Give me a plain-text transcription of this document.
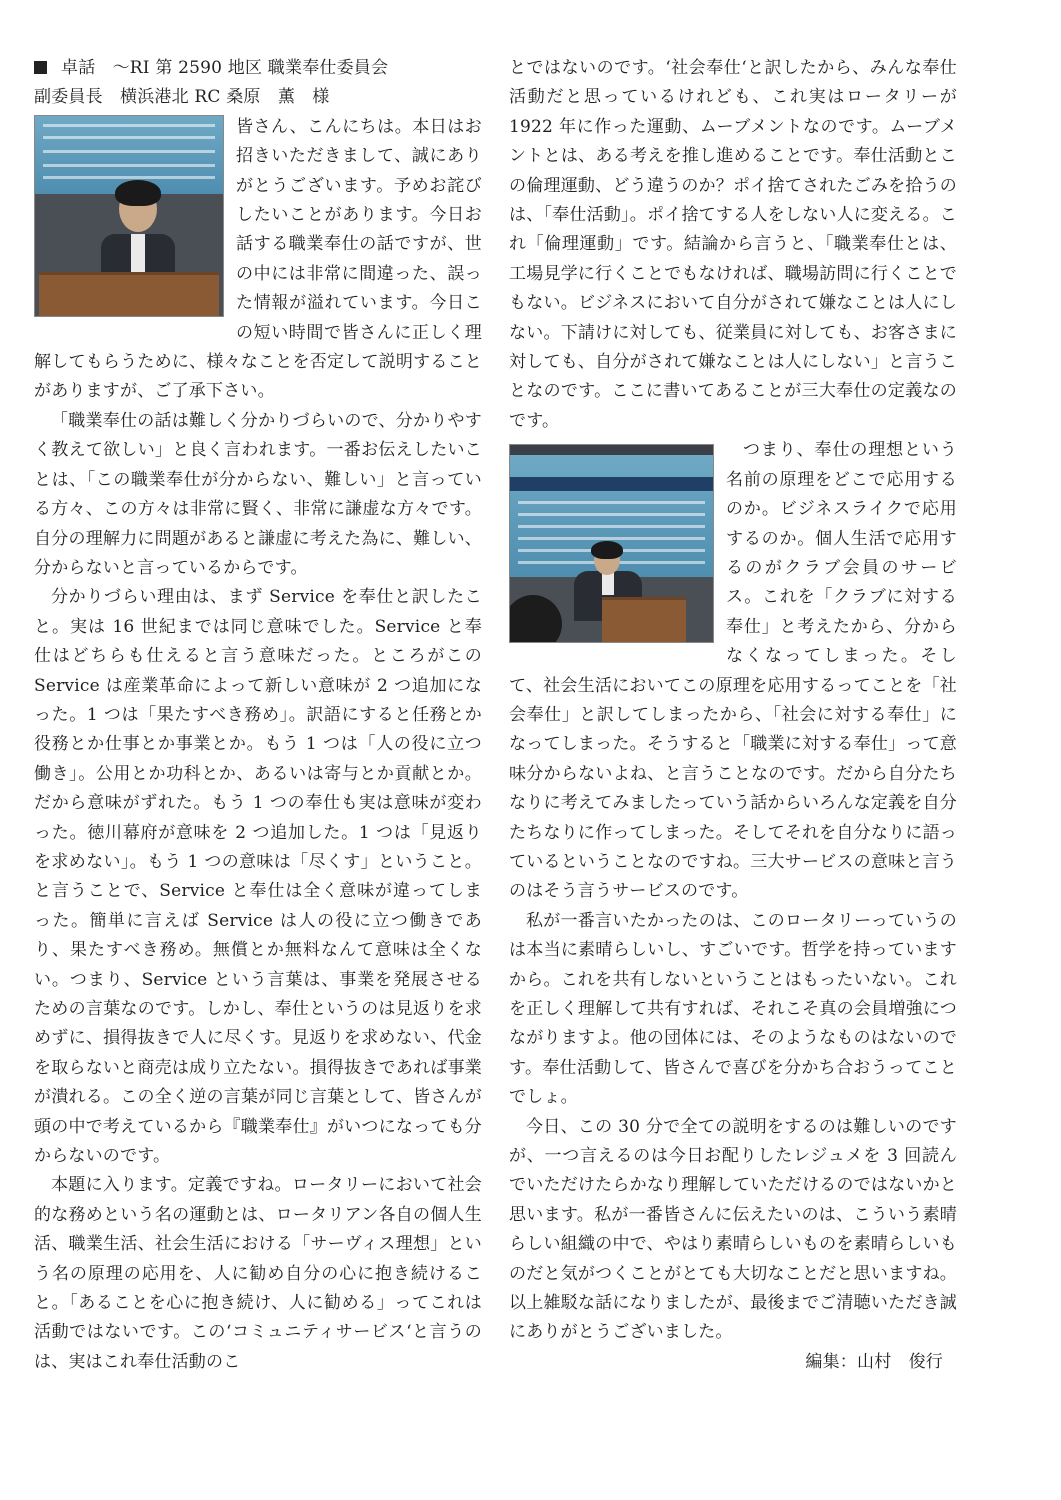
卓話　～RI 第 2590 地区 職業奉仕委員会
副委員長　横浜港北 RC 桑原　薫　様

皆さん、こんにちは。本日はお招きいただきまして、誠にありがとうございます。予めお詫びしたいことがあります。今日お話する職業奉仕の話ですが、世の中には非常に間違った、誤った情報が溢れています。今日この短い時間で皆さんに正しく理解してもらうために、様々なことを否定して説明することがありますが、ご了承下さい。

「職業奉仕の話は難しく分かりづらいので、分かりやすく教えて欲しい」と良く言われます。一番お伝えしたいことは、「この職業奉仕が分からない、難しい」と言っている方々、この方々は非常に賢く、非常に謙虚な方々です。自分の理解力に問題があると謙虚に考えた為に、難しい、分からないと言っているからです。

分かりづらい理由は、まず Service を奉仕と訳したこと。実は 16 世紀までは同じ意味でした。Service と奉仕はどちらも仕えると言う意味だった。ところがこの Service は産業革命によって新しい意味が 2 つ追加になった。1 つは「果たすべき務め」。訳語にすると任務とか役務とか仕事とか事業とか。もう 1 つは「人の役に立つ働き」。公用とか功科とか、あるいは寄与とか貢献とか。だから意味がずれた。もう 1 つの奉仕も実は意味が変わった。徳川幕府が意味を 2 つ追加した。1 つは「見返りを求めない」。もう 1 つの意味は「尽くす」ということ。と言うことで、Service と奉仕は全く意味が違ってしまった。簡単に言えば Service は人の役に立つ働きであり、果たすべき務め。無償とか無料なんて意味は全くない。つまり、Service という言葉は、事業を発展させるための言葉なのです。しかし、奉仕というのは見返りを求めずに、損得抜きで人に尽くす。見返りを求めない、代金を取らないと商売は成り立たない。損得抜きであれば事業が潰れる。この全く逆の言葉が同じ言葉として、皆さんが頭の中で考えているから『職業奉仕』がいつになっても分からないのです。

本題に入ります。定義ですね。ロータリーにおいて社会的な務めという名の運動とは、ロータリアン各自の個人生活、職業生活、社会生活における「サーヴィス理想」という名の原理の応用を、人に勧め自分の心に抱き続けること。「あることを心に抱き続け、人に勧める」ってこれは活動ではないです。この‘コミュニティサービス‘と言うのは、実はこれ奉仕活動のこ

とではないのです。‘社会奉仕‘と訳したから、みんな奉仕活動だと思っているけれども、これ実はロータリーが 1922 年に作った運動、ムーブメントなのです。ムーブメントとは、ある考えを推し進めることです。奉仕活動とこの倫理運動、どう違うのか？ポイ捨てされたごみを拾うのは、「奉仕活動」。ポイ捨てする人をしない人に変える。これ「倫理運動」です。結論から言うと、「職業奉仕とは、工場見学に行くことでもなければ、職場訪問に行くことでもない。ビジネスにおいて自分がされて嫌なことは人にしない。下請けに対しても、従業員に対しても、お客さまに対しても、自分がされて嫌なことは人にしない」と言うことなのです。ここに書いてあることが三大奉仕の定義なのです。

つまり、奉仕の理想という名前の原理をどこで応用するのか。ビジネスライクで応用するのか。個人生活で応用するのがクラブ会員のサービス。これを「クラブに対する奉仕」と考えたから、分からなくなってしまった。そして、社会生活においてこの原理を応用するってことを「社会奉仕」と訳してしまったから、「社会に対する奉仕」になってしまった。そうすると「職業に対する奉仕」って意味分からないよね、と言うことなのです。だから自分たちなりに考えてみましたっていう話からいろんな定義を自分たちなりに作ってしまった。そしてそれを自分なりに語っているということなのですね。三大サービスの意味と言うのはそう言うサービスのです。

私が一番言いたかったのは、このロータリーっていうのは本当に素晴らしいし、すごいです。哲学を持っていますから。これを共有しないということはもったいない。これを正しく理解して共有すれば、それこそ真の会員増強につながりますよ。他の団体には、そのようなものはないのです。奉仕活動して、皆さんで喜びを分かち合おうってことでしょ。

今日、この 30 分で全ての説明をするのは難しいのですが、一つ言えるのは今日お配りしたレジュメを 3 回読んでいただけたらかなり理解していただけるのではないかと思います。私が一番皆さんに伝えたいのは、こういう素晴らしい組織の中で、やはり素晴らしいものを素晴らしいものだと気がつくことがとても大切なことだと思いますね。以上雑駁な話になりましたが、最後までご清聴いただき誠にありがとうございました。

編集：山村　俊行
